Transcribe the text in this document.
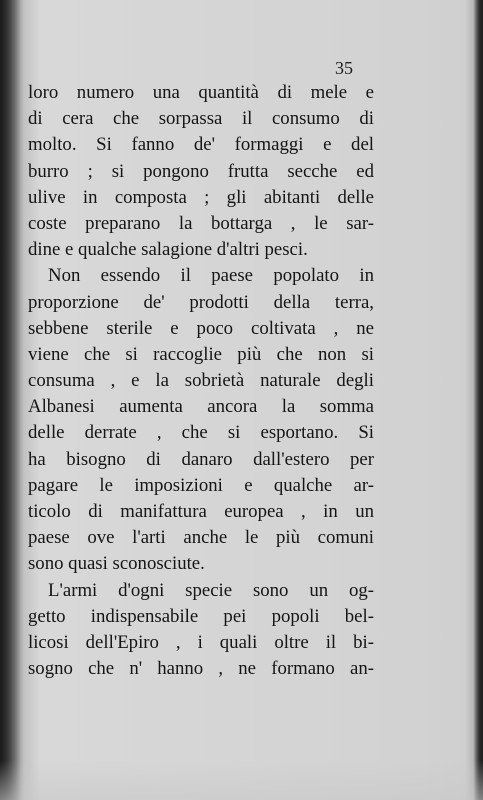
35
loro numero una quantità di mele e
di cera che sorpassa il consumo di
molto. Si fanno de' formaggi e del
burro ; si pongono frutta secche ed
ulive in composta ; gli abitanti delle
coste preparano la bottarga , le sar-
dine e qualche salagione d'altri pesci.
Non essendo il paese popolato in
proporzione de' prodotti della terra,
sebbene sterile e poco coltivata , ne
viene che si raccoglie più che non si
consuma , e la sobrietà naturale degli
Albanesi aumenta ancora la somma
delle derrate , che si esportano. Si
ha bisogno di danaro dall'estero per
pagare le imposizioni e qualche ar-
ticolo di manifattura europea , in un
paese ove l'arti anche le più comuni
sono quasi sconosciute.
L'armi d'ogni specie sono un og-
getto indispensabile pei popoli bel-
licosi dell'Epiro , i quali oltre il bi-
sogno che n' hanno , ne formano an-
